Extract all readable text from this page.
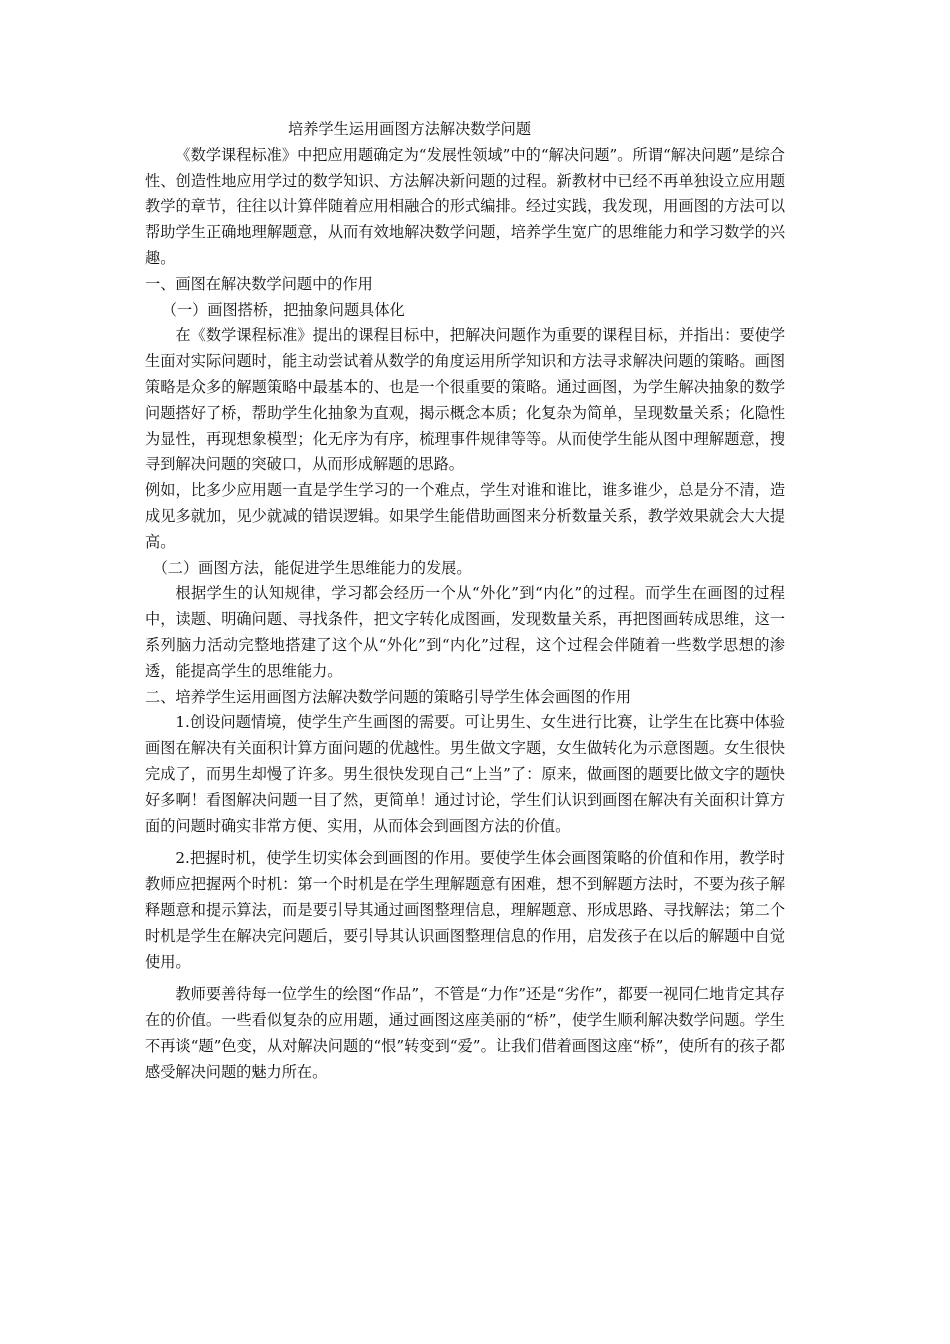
培养学生运用画图方法解决数学问题

《数学课程标准》中把应用题确定为“发展性领域”中的“解决问题”。所谓“解决问题”是综合性、创造性地应用学过的数学知识、方法解决新问题的过程。新教材中已经不再单独设立应用题教学的章节，往往以计算伴随着应用相融合的形式编排。经过实践，我发现，用画图的方法可以帮助学生正确地理解题意，从而有效地解决数学问题，培养学生宽广的思维能力和学习数学的兴趣。

一、画图在解决数学问题中的作用

（一）画图搭桥，把抽象问题具体化

在《数学课程标准》提出的课程目标中，把解决问题作为重要的课程目标，并指出：要使学生面对实际问题时，能主动尝试着从数学的角度运用所学知识和方法寻求解决问题的策略。画图策略是众多的解题策略中最基本的、也是一个很重要的策略。通过画图，为学生解决抽象的数学问题搭好了桥，帮助学生化抽象为直观，揭示概念本质；化复杂为简单，呈现数量关系；化隐性为显性，再现想象模型；化无序为有序，梳理事件规律等等。从而使学生能从图中理解题意，搜寻到解决问题的突破口，从而形成解题的思路。

例如，比多少应用题一直是学生学习的一个难点，学生对谁和谁比，谁多谁少，总是分不清，造成见多就加，见少就减的错误逻辑。如果学生能借助画图来分析数量关系，教学效果就会大大提高。

（二）画图方法，能促进学生思维能力的发展。

根据学生的认知规律，学习都会经历一个从“外化”到“内化”的过程。而学生在画图的过程中，读题、明确问题、寻找条件，把文字转化成图画，发现数量关系，再把图画转成思维，这一系列脑力活动完整地搭建了这个从“外化”到“内化”过程，这个过程会伴随着一些数学思想的渗透，能提高学生的思维能力。

二、培养学生运用画图方法解决数学问题的策略引导学生体会画图的作用

1.创设问题情境，使学生产生画图的需要。可让男生、女生进行比赛，让学生在比赛中体验画图在解决有关面积计算方面问题的优越性。男生做文字题，女生做转化为示意图题。女生很快完成了，而男生却慢了许多。男生很快发现自己“上当”了：原来，做画图的题要比做文字的题快好多啊！看图解决问题一目了然，更简单！通过讨论，学生们认识到画图在解决有关面积计算方面的问题时确实非常方便、实用，从而体会到画图方法的价值。

2.把握时机，使学生切实体会到画图的作用。要使学生体会画图策略的价值和作用，教学时教师应把握两个时机：第一个时机是在学生理解题意有困难，想不到解题方法时，不要为孩子解释题意和提示算法，而是要引导其通过画图整理信息，理解题意、形成思路、寻找解法；第二个时机是学生在解决完问题后，要引导其认识画图整理信息的作用，启发孩子在以后的解题中自觉使用。

教师要善待每一位学生的绘图“作品”，不管是“力作”还是“劣作”，都要一视同仁地肯定其存在的价值。一些看似复杂的应用题，通过画图这座美丽的“桥”，使学生顺利解决数学问题。学生不再谈“题”色变，从对解决问题的“恨”转变到“爱”。让我们借着画图这座“桥”，使所有的孩子都感受解决问题的魅力所在。
